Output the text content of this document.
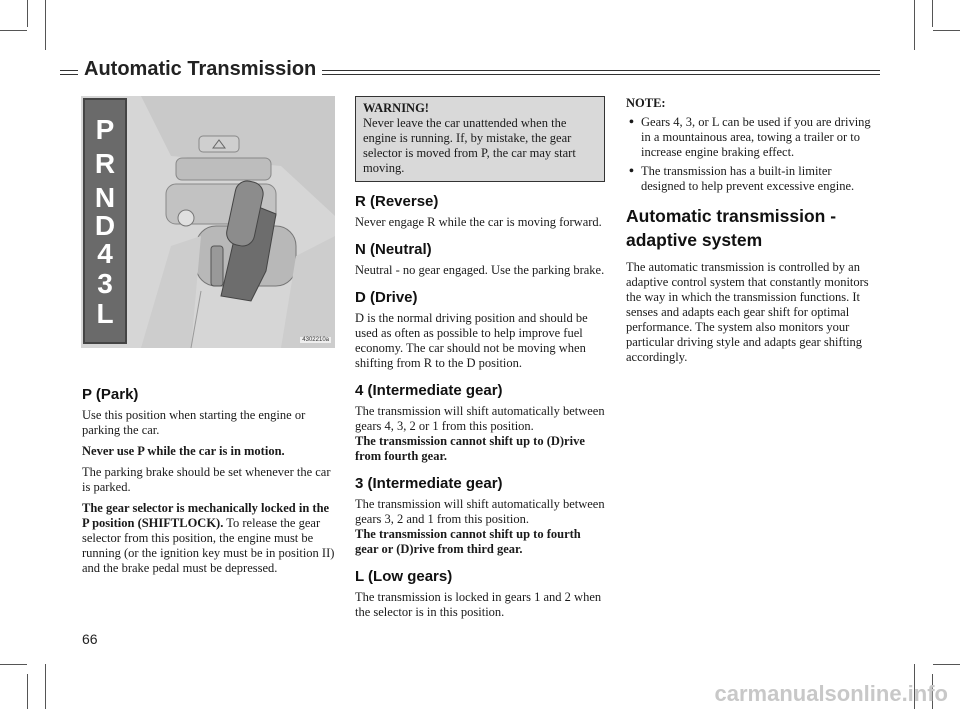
Automatic Transmission
P
R
N
D
4
3
L
4302210a
P (Park)

Use this position when starting the engine or parking the car.

Never use P while the car is in motion.

The parking brake should be set whenever the car is parked.

The gear selector is mechanically locked in the P position (SHIFTLOCK). To release the gear selector from this position, the engine must be running (or the ignition key must be in position II) and the brake pedal must be depressed.

WARNING!
Never leave the car unattended when the engine is running. If, by mistake, the gear selector is moved from P, the car may start moving.
R (Reverse)

Never engage R while the car is moving forward.

N (Neutral)

Neutral - no gear engaged. Use the parking brake.

D (Drive)

D is the normal driving position and should be used as often as possible to help improve fuel economy. The car should not be moving when shifting from R to the D position.

4 (Intermediate gear)

The transmission will shift automatically between gears 4, 3, 2 or 1 from this position.
The transmission cannot shift up to (D)rive from fourth gear.

3 (Intermediate gear)

The transmission will shift automatically between gears 3, 2 and 1 from this position.
The transmission cannot shift up to fourth gear or (D)rive from third gear.

L (Low gears)

The transmission is locked in gears 1 and 2 when the selector is in this position.

NOTE:
• Gears 4, 3, or L can be used if you are driving in a mountainous area, towing a trailer or to increase engine braking effect.
• The transmission has a built-in limiter designed to help prevent excessive engine.
Automatic transmission - adaptive system

The automatic transmission is controlled by an adaptive control system that constantly monitors the way in which the transmission functions. It senses and adapts each gear shift for optimal performance. The system also monitors your particular driving style and adapts gear shifting accordingly.

66
carmanualsonline.info
